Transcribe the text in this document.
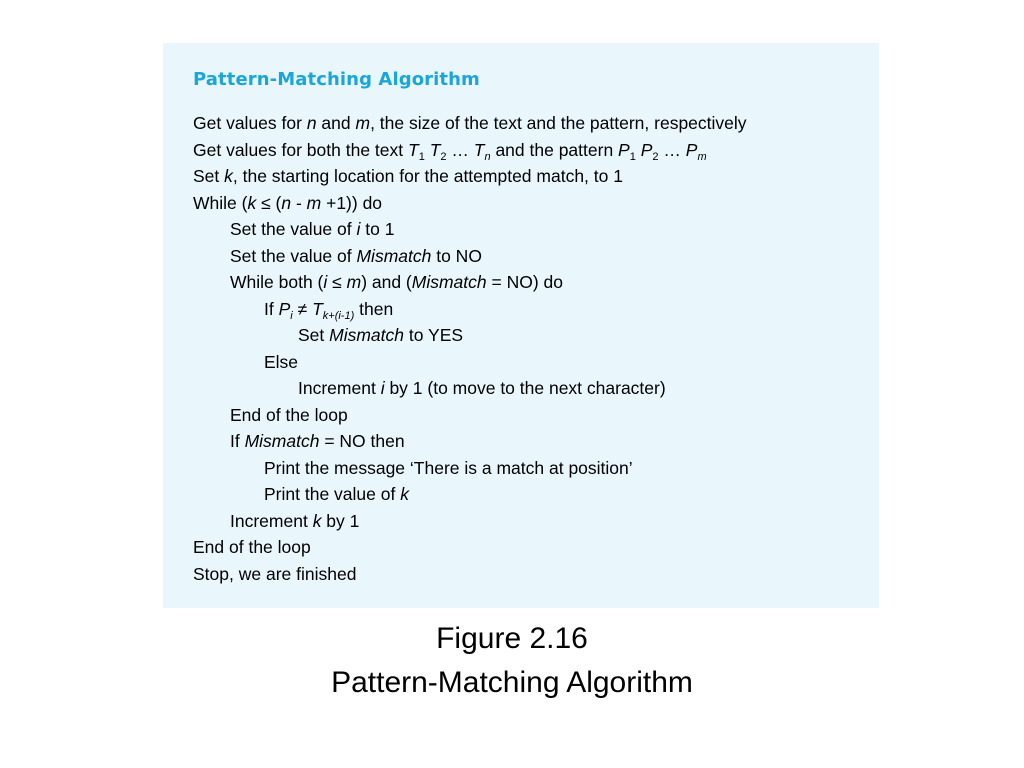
Pattern-Matching Algorithm
Get values for n and m, the size of the text and the pattern, respectively
Get values for both the text $T_1$ $T_2$ … $T_n$ and the pattern $P_1$ $P_2$ … $P_m$
Set k, the starting location for the attempted match, to 1
While (k ≤ (n - m +1)) do
Set the value of i to 1
Set the value of Mismatch to NO
While both (i ≤ m) and (Mismatch = NO) do
If $P_i \ne T_{k+(i-1)}$ then
Set Mismatch to YES
Else
Increment i by 1 (to move to the next character)
End of the loop
If Mismatch = NO then
Print the message ‘There is a match at position’
Print the value of k
Increment k by 1
End of the loop
Stop, we are finished
Figure 2.16
Pattern-Matching Algorithm
